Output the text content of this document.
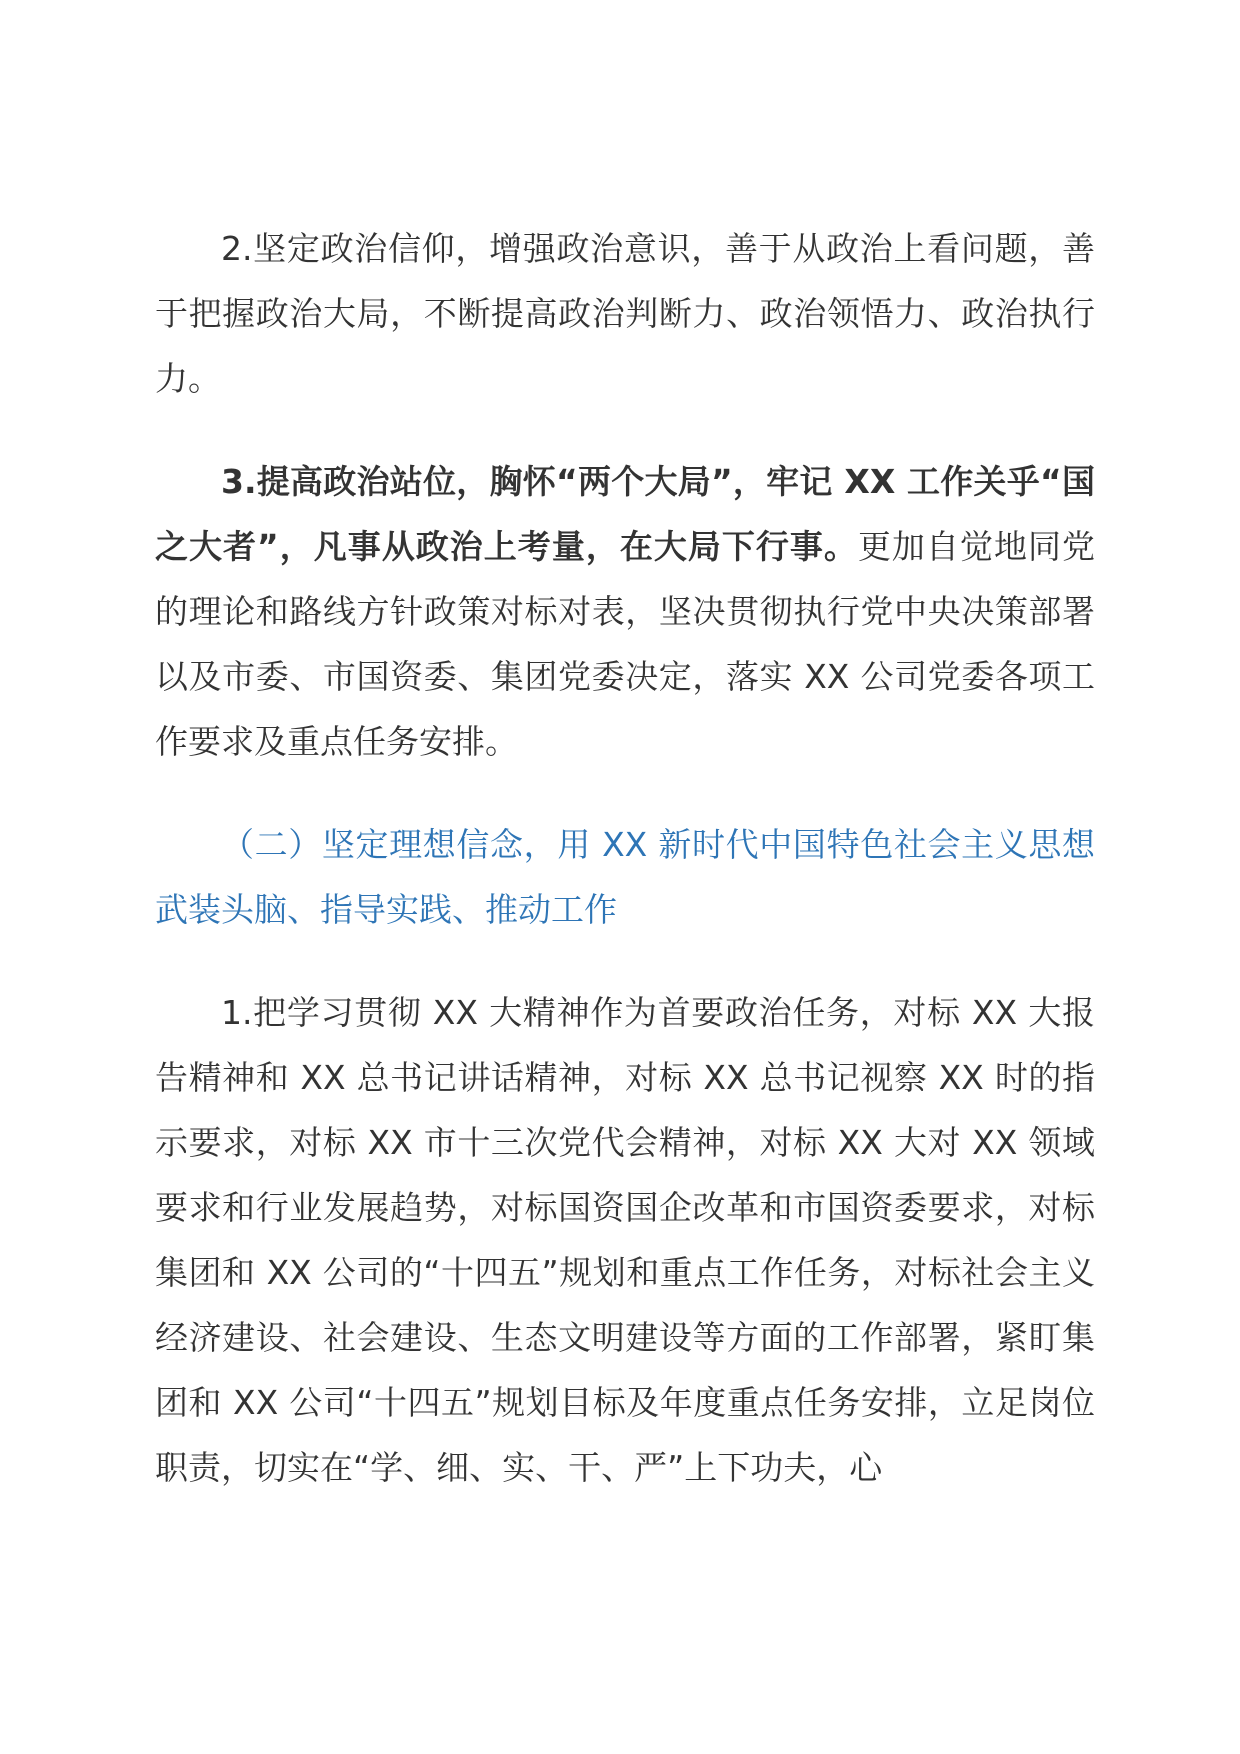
2.坚定政治信仰，增强政治意识，善于从政治上看问题，善于把握政治大局，不断提高政治判断力、政治领悟力、政治执行力。

3.提高政治站位，胸怀“两个大局”，牢记 XX 工作关乎“国之大者”，凡事从政治上考量，在大局下行事。更加自觉地同党的理论和路线方针政策对标对表，坚决贯彻执行党中央决策部署以及市委、市国资委、集团党委决定，落实 XX 公司党委各项工作要求及重点任务安排。

（二）坚定理想信念，用 XX 新时代中国特色社会主义思想武装头脑、指导实践、推动工作

1.把学习贯彻 XX 大精神作为首要政治任务，对标 XX 大报告精神和 XX 总书记讲话精神，对标 XX 总书记视察 XX 时的指示要求，对标 XX 市十三次党代会精神，对标 XX 大对 XX 领域要求和行业发展趋势，对标国资国企改革和市国资委要求，对标集团和 XX 公司的“十四五”规划和重点工作任务，对标社会主义经济建设、社会建设、生态文明建设等方面的工作部署，紧盯集团和 XX 公司“十四五”规划目标及年度重点任务安排，立足岗位职责，切实在“学、细、实、干、严”上下功夫，心
